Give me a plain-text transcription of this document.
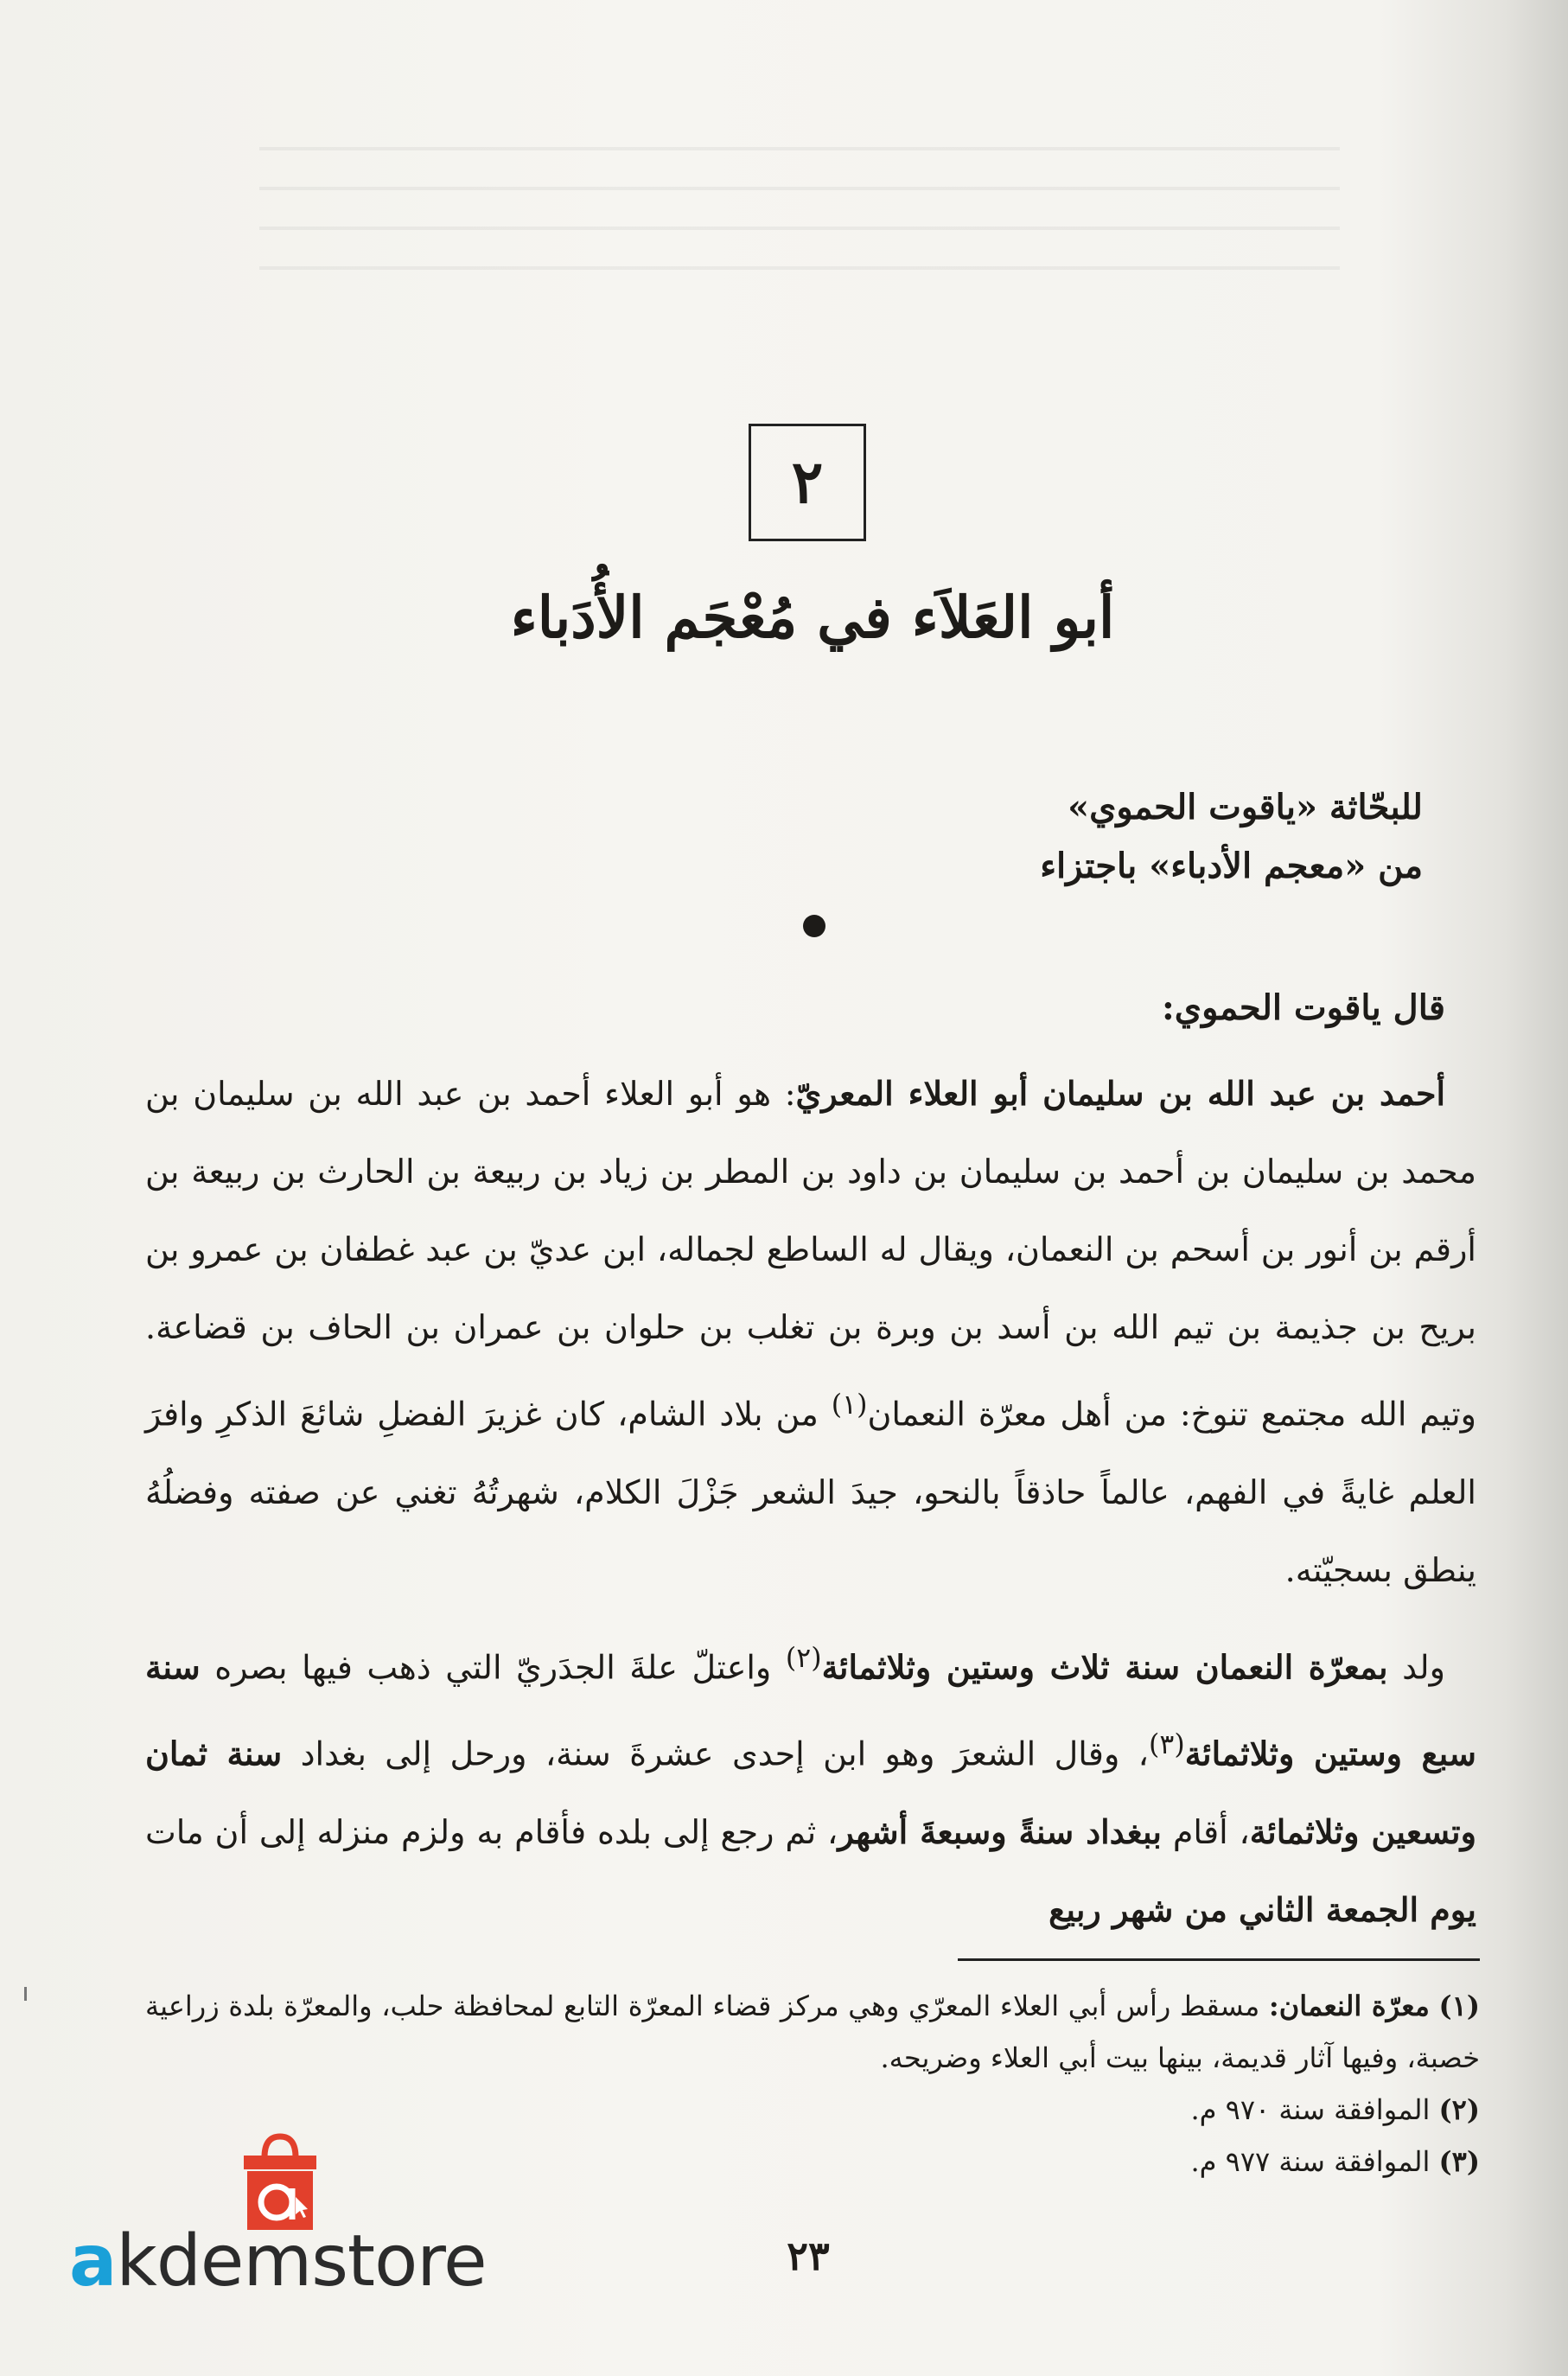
٢
أبو العَلاَء في مُعْجَم الأُدَباء
للبحّاثة «ياقوت الحموي»
من «معجم الأدباء» باجتزاء

قال ياقوت الحموي:

أحمد بن عبد الله بن سليمان أبو العلاء المعريّ: هو أبو العلاء أحمد بن عبد الله بن سليمان بن محمد بن سليمان بن أحمد بن سليمان بن داود بن المطر بن زياد بن ربيعة بن الحارث بن ربيعة بن أرقم بن أنور بن أسحم بن النعمان، ويقال له الساطع لجماله، ابن عديّ بن عبد غطفان بن عمرو بن بريح بن جذيمة بن تيم الله بن أسد بن وبرة بن تغلب بن حلوان بن عمران بن الحاف بن قضاعة. وتيم الله مجتمع تنوخ: من أهل معرّة النعمان$^{(١)}$ من بلاد الشام، كان غزيرَ الفضلِ شائعَ الذكرِ وافرَ العلم غايةً في الفهم، عالماً حاذقاً بالنحو، جيدَ الشعر جَزْلَ الكلام، شهرتُهُ تغني عن صفته وفضلُهُ ينطق بسجيّته.

ولد بمعرّة النعمان سنة ثلاث وستين وثلاثمائة$^{(٢)}$ واعتلّ علةَ الجدَريّ التي ذهب فيها بصره سنة سبع وستين وثلاثمائة$^{(٣)}$، وقال الشعرَ وهو ابن إحدى عشرةَ سنة، ورحل إلى بغداد سنة ثمان وتسعين وثلاثمائة، أقام ببغداد سنةً وسبعةَ أشهر، ثم رجع إلى بلده فأقام به ولزم منزله إلى أن مات يوم الجمعة الثاني من شهر ربيع

(١) معرّة النعمان: مسقط رأس أبي العلاء المعرّي وهي مركز قضاء المعرّة التابع لمحافظة حلب، والمعرّة بلدة زراعية خصبة، وفيها آثار قديمة، بينها بيت أبي العلاء وضريحه.

(٢) الموافقة سنة ٩٧٠ م.

(٣) الموافقة سنة ٩٧٧ م.

٢٣
akdemstore
